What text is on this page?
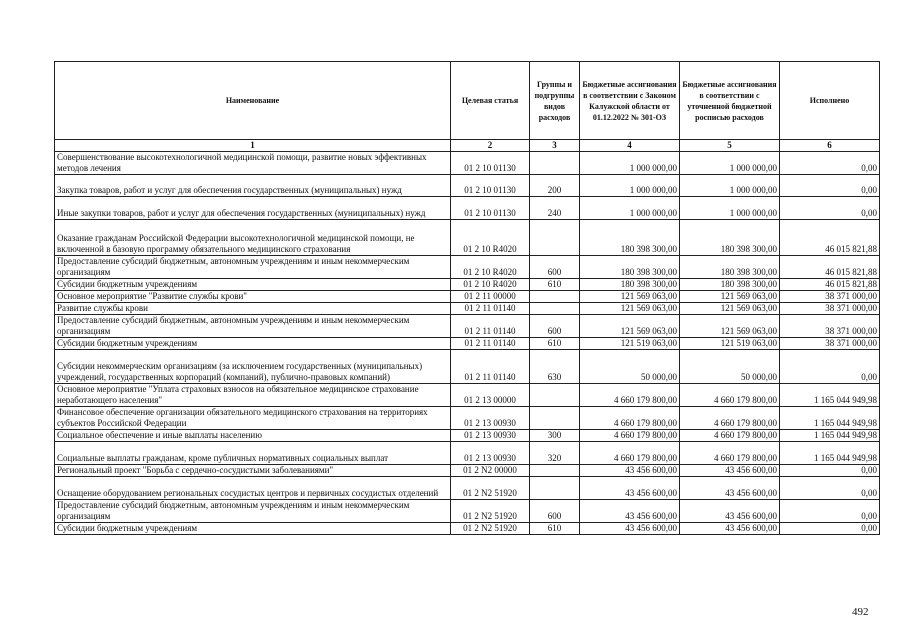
Наименование	Целевая статья	Группы и подгруппы видов расходов	Бюджетные ассигнования в соответствии с Законом Калужской области от 01.12.2022 № 301-ОЗ	Бюджетные ассигнования в соответствии с уточненной бюджетной росписью расходов	Исполнено
1	2	3	4	5	6
Совершенствование высокотехнологичной медицинской помощи, развитие новых эффективных методов лечения	01 2 10 01130		1 000 000,00	1 000 000,00	0,00
Закупка товаров, работ и услуг для обеспечения государственных (муниципальных) нужд	01 2 10 01130	200	1 000 000,00	1 000 000,00	0,00
Иные закупки товаров, работ и услуг для обеспечения государственных (муниципальных) нужд	01 2 10 01130	240	1 000 000,00	1 000 000,00	0,00
Оказание гражданам Российской Федерации высокотехнологичной медицинской помощи, не включенной в базовую программу обязательного медицинского страхования	01 2 10 R4020		180 398 300,00	180 398 300,00	46 015 821,88
Предоставление субсидий бюджетным, автономным учреждениям и иным некоммерческим организациям	01 2 10 R4020	600	180 398 300,00	180 398 300,00	46 015 821,88
Субсидии бюджетным учреждениям	01 2 10 R4020	610	180 398 300,00	180 398 300,00	46 015 821,88
Основное мероприятие "Развитие службы крови"	01 2 11 00000		121 569 063,00	121 569 063,00	38 371 000,00
Развитие службы крови	01 2 11 01140		121 569 063,00	121 569 063,00	38 371 000,00
Предоставление субсидий бюджетным, автономным учреждениям и иным некоммерческим организациям	01 2 11 01140	600	121 569 063,00	121 569 063,00	38 371 000,00
Субсидии бюджетным учреждениям	01 2 11 01140	610	121 519 063,00	121 519 063,00	38 371 000,00
Субсидии некоммерческим организациям (за исключением государственных (муниципальных) учреждений, государственных корпораций (компаний), публично-правовых компаний)	01 2 11 01140	630	50 000,00	50 000,00	0,00
Основное мероприятие "Уплата страховых взносов на обязательное медицинское страхование неработающего населения"	01 2 13 00000		4 660 179 800,00	4 660 179 800,00	1 165 044 949,98
Финансовое обеспечение организации обязательного медицинского страхования на территориях субъектов Российской Федерации	01 2 13 00930		4 660 179 800,00	4 660 179 800,00	1 165 044 949,98
Социальное обеспечение и иные выплаты населению	01 2 13 00930	300	4 660 179 800,00	4 660 179 800,00	1 165 044 949,98
Социальные выплаты гражданам, кроме публичных нормативных социальных выплат	01 2 13 00930	320	4 660 179 800,00	4 660 179 800,00	1 165 044 949,98
Региональный проект "Борьба с сердечно-сосудистыми заболеваниями"	01 2 N2 00000		43 456 600,00	43 456 600,00	0,00
Оснащение оборудованием региональных сосудистых центров и первичных сосудистых отделений	01 2 N2 51920		43 456 600,00	43 456 600,00	0,00
Предоставление субсидий бюджетным, автономным учреждениям и иным некоммерческим организациям	01 2 N2 51920	600	43 456 600,00	43 456 600,00	0,00
Субсидии бюджетным учреждениям	01 2 N2 51920	610	43 456 600,00	43 456 600,00	0,00
492
